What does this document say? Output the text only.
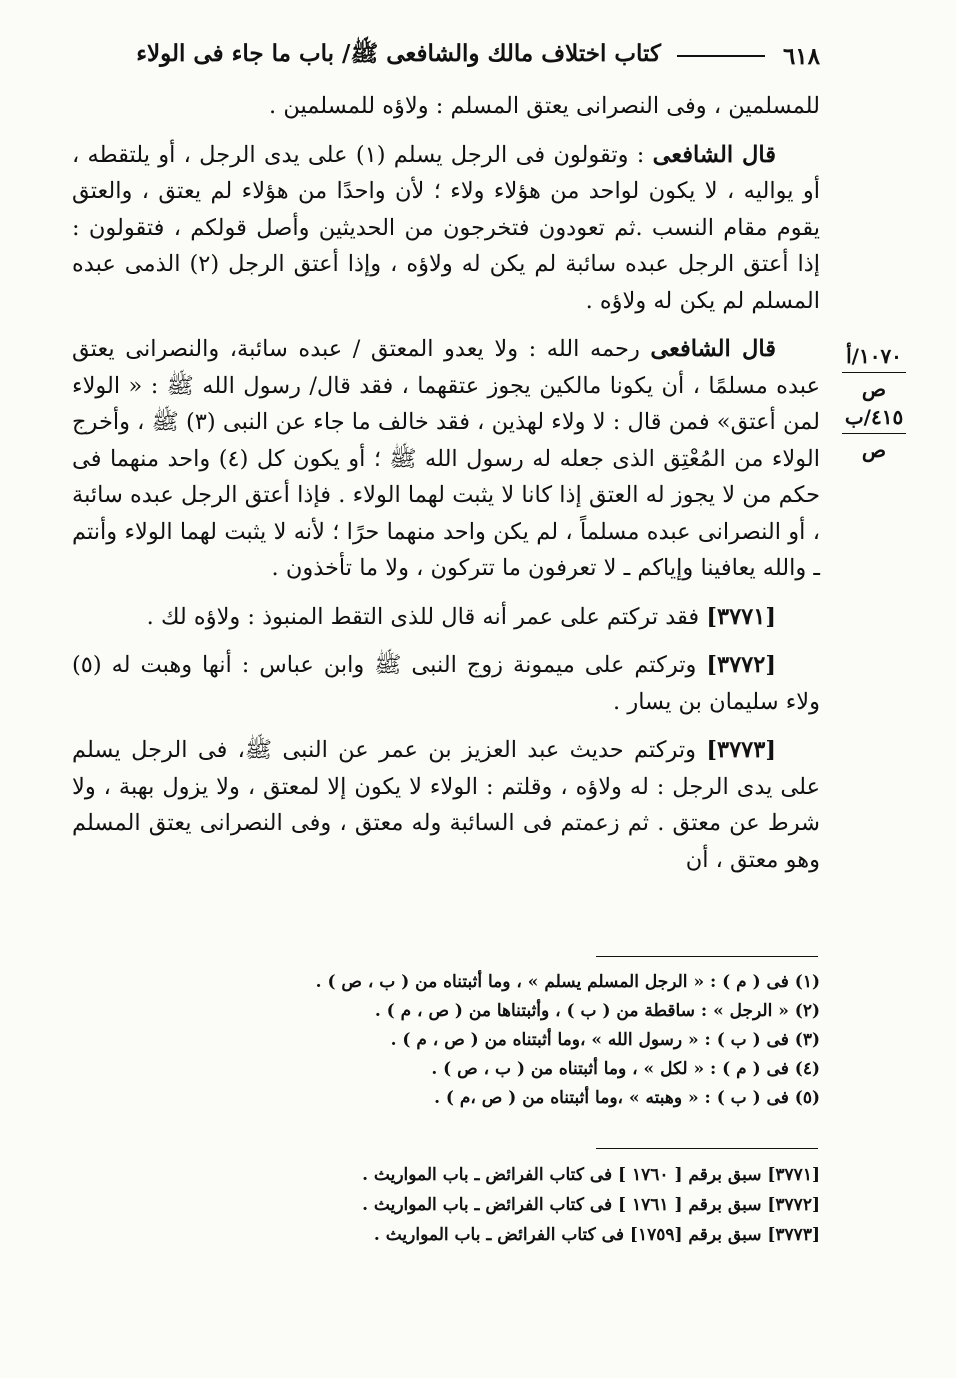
٦١٨
كتاب اختلاف مالك والشافعى ﷺ/ باب ما جاء فى الولاء

للمسلمين ، وفى النصرانى يعتق المسلم : ولاؤه للمسلمين .

قال الشافعى : وتقولون فى الرجل يسلم (١) على يدى الرجل ، أو يلتقطه ، أو يواليه ، لا يكون لواحد من هؤلاء ولاء ؛ لأن واحدًا من هؤلاء لم يعتق ، والعتق يقوم مقام النسب .ثم تعودون فتخرجون من الحديثين وأصل قولكم ، فتقولون : إذا أعتق الرجل عبده سائبة لم يكن له ولاؤه ، وإذا أعتق الرجل (٢) الذمى عبده المسلم لم يكن له ولاؤه .

قال الشافعى رحمه الله : ولا يعدو المعتق / عبده سائبة، والنصرانى يعتق عبده مسلمًا ، أن يكونا مالكين يجوز عتقهما ، فقد قال/ رسول الله ﷺ : « الولاء لمن أعتق» فمن قال : لا ولاء لهذين ، فقد خالف ما جاء عن النبى (٣) ﷺ ، وأخرج الولاء من المُعْتِق الذى جعله له رسول الله ﷺ ؛ أو يكون كل (٤) واحد منهما فى حكم من لا يجوز له العتق إذا كانا لا يثبت لهما الولاء . فإذا أعتق الرجل عبده سائبة ، أو النصرانى عبده مسلماً ، لم يكن واحد منهما حرًا ؛ لأنه لا يثبت لهما الولاء وأنتم ـ والله يعافينا وإياكم ـ لا تعرفون ما تتركون ، ولا ما تأخذون .

[٣٧٧١] فقد تركتم على عمر أنه قال للذى التقط المنبوذ : ولاؤه لك .

[٣٧٧٢] وتركتم على ميمونة زوج النبى ﷺ وابن عباس : أنها وهبت له (٥) ولاء سليمان بن يسار .

[٣٧٧٣] وتركتم حديث عبد العزيز بن عمر عن النبى ﷺ، فى الرجل يسلم على يدى الرجل : له ولاؤه ، وقلتم : الولاء لا يكون إلا لمعتق ، ولا يزول بهبة ، ولا شرط عن معتق . ثم زعمتم فى السائبة وله معتق ، وفى النصرانى يعتق المسلم وهو معتق ، أن

١٠٧٠/أ
ص
٤١٥/ب
ص
(١) فى ( م ) : « الرجل المسلم يسلم » ، وما أثبتناه من ( ب ، ص ) .
(٢) « الرجل » : ساقطة من ( ب ) ، وأثبتناها من ( ص ، م ) .
(٣) فى ( ب ) : « رسول الله » ،وما أثبتناه من ( ص ، م ) .
(٤) فى ( م ) : « لكل » ، وما أثبتناه من ( ب ، ص ) .
(٥) فى ( ب ) : « وهبته » ،وما أثبتناه من ( ص ،م ) .
[٣٧٧١] سبق برقم [ ١٧٦٠ ] فى كتاب الفرائض ـ باب المواريث .
[٣٧٧٢] سبق برقم [ ١٧٦١ ] فى كتاب الفرائض ـ باب المواريث .
[٣٧٧٣] سبق برقم [١٧٥٩] فى كتاب الفرائض ـ باب المواريث .
